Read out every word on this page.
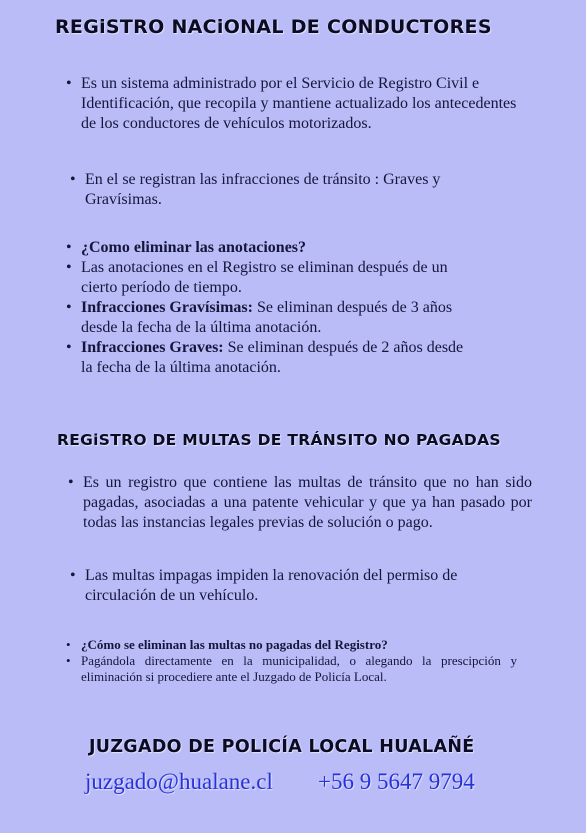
REGiSTRO NACiONAL DE CONDUCTORES
• Es un sistema administrado por el Servicio de Registro Civil e Identificación, que recopila y mantiene actualizado los antecedentes de los conductores de vehículos motorizados.
• En el se registran las infracciones de tránsito : Graves y Gravísimas.
• ¿Como eliminar las anotaciones?
• Las anotaciones en el Registro se eliminan después de un cierto período de tiempo.
• Infracciones Gravísimas: Se eliminan después de 3 años desde la fecha de la última anotación.
• Infracciones Graves: Se eliminan después de 2 años desde la fecha de la última anotación.
REGiSTRO DE MULTAS DE TRÁNSITO NO PAGADAS
• Es un registro que contiene las multas de tránsito que no han sido pagadas, asociadas a una patente vehicular y que ya han pasado por todas las instancias legales previas de solución o pago.
• Las multas impagas impiden la renovación del permiso de circulación de un vehículo.
• ¿Cómo se eliminan las multas no pagadas del Registro?
• Pagándola directamente en la municipalidad, o alegando la prescipción y eliminación si procediere ante el Juzgado de Policía Local.
JUZGADO DE POLICÍA LOCAL HUALAÑÉ
juzgado@hualane.cl +56 9 5647 9794
